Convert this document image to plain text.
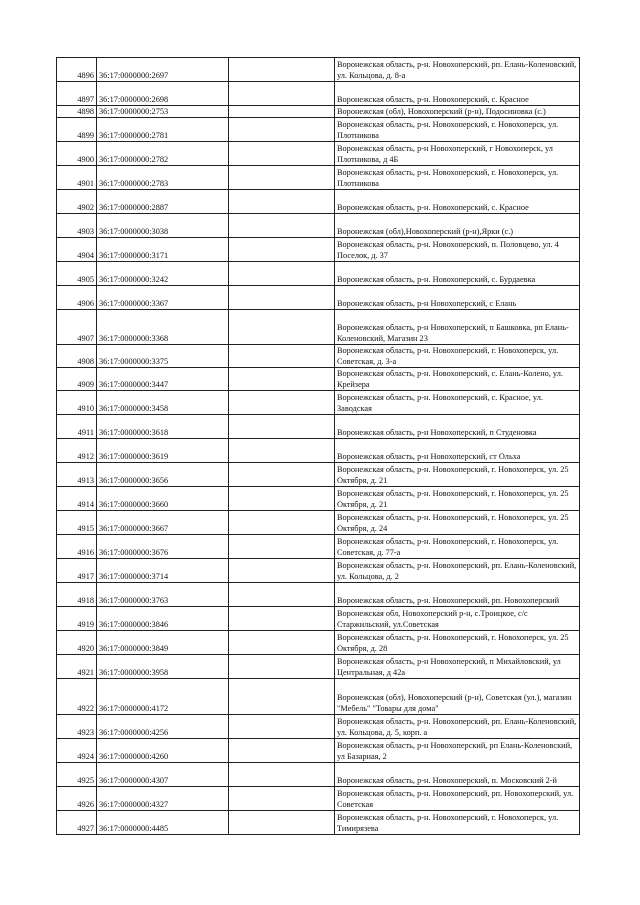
4896	36:17:0000000:2697		Воронежская область, р-н. Новохоперский, рп. Елань-Коленовский, ул. Кольцова, д. 8-а
4897	36:17:0000000:2698		Воронежская область, р-н. Новохоперский, с. Красное
4898	36:17:0000000:2753		Воронежская (обл), Новохоперский (р-н), Подосиновка (с.)
4899	36:17:0000000:2781		Воронежская область, р-н. Новохоперский, г. Новохоперск, ул. Плотникова
4900	36:17:0000000:2782		Воронежская область, р-н Новохоперский, г Новохоперск, ул Плотникова, д 4Б
4901	36:17:0000000:2783		Воронежская область, р-н. Новохоперский, г. Новохоперск, ул. Плотникова
4902	36:17:0000000:2887		Воронежская область, р-н. Новохоперский, с. Красное
4903	36:17:0000000:3038		Воронежская (обл),Новохоперский (р-н),Ярки (с.)
4904	36:17:0000000:3171		Воронежская область, р-н. Новохоперский, п. Половцево, ул. 4 Поселок, д. 37
4905	36:17:0000000:3242		Воронежская область, р-н. Новохоперский, с. Бурдаевка
4906	36:17:0000000:3367		Воронежская область, р-н Новохоперский, с Елань
4907	36:17:0000000:3368		Воронежская область, р-н Новохоперский, п Башковка, рп Елань-Коленовский, Магазин 23
4908	36:17:0000000:3375		Воронежская область, р-н. Новохоперский, г. Новохоперск, ул. Советская, д. 3-а
4909	36:17:0000000:3447		Воронежская область, р-н. Новохоперский, с. Елань-Колено, ул. Крейзера
4910	36:17:0000000:3458		Воронежская область, р-н. Новохоперский, с. Красное, ул. Заводская
4911	36:17:0000000:3618		Воронежская область, р-н Новохоперский, п Студеновка
4912	36:17:0000000:3619		Воронежская область, р-н Новохоперский, ст Ольха
4913	36:17:0000000:3656		Воронежская область, р-н. Новохоперский, г. Новохоперск, ул. 25 Октября, д. 21
4914	36:17:0000000:3660		Воронежская область, р-н. Новохоперский, г. Новохоперск, ул. 25 Октября, д. 21
4915	36:17:0000000:3667		Воронежская область, р-н. Новохоперский, г. Новохоперск, ул. 25 Октября, д. 24
4916	36:17:0000000:3676		Воронежская область, р-н. Новохоперский, г. Новохоперск, ул. Советская, д. 77-а
4917	36:17:0000000:3714		Воронежская область, р-н. Новохоперский, рп. Елань-Коленовский, ул. Кольцова, д. 2
4918	36:17:0000000:3763		Воронежская область, р-н. Новохоперский, рп. Новохоперский
4919	36:17:0000000:3846		Воронежская обл, Новохоперский р-н, с.Троицкое, с/с Старжильский, ул.Советская
4920	36:17:0000000:3849		Воронежская область, р-н. Новохоперский, г. Новохоперск, ул. 25 Октября, д. 28
4921	36:17:0000000:3958		Воронежская область, р-н Новохоперский, п Михайловский, ул Центральная, д 42а
4922	36:17:0000000:4172		Воронежская (обл), Новохоперский (р-н), Советская (ул.), магазин "Мебель" "Товары для дома"
4923	36:17:0000000:4256		Воронежская область, р-н. Новохоперский, рп. Елань-Коленовский, ул. Кольцова, д. 5, корп. а
4924	36:17:0000000:4260		Воронежская область, р-н Новохоперский, рп Елань-Коленовский, ул Базарная, 2
4925	36:17:0000000:4307		Воронежская область, р-н. Новохоперский, п. Московский 2-й
4926	36:17:0000000:4327		Воронежская область, р-н. Новохоперский, рп. Новохоперский, ул. Советская
4927	36:17:0000000:4485		Воронежская область, р-н. Новохоперский, г. Новохоперск, ул. Тимирязева
